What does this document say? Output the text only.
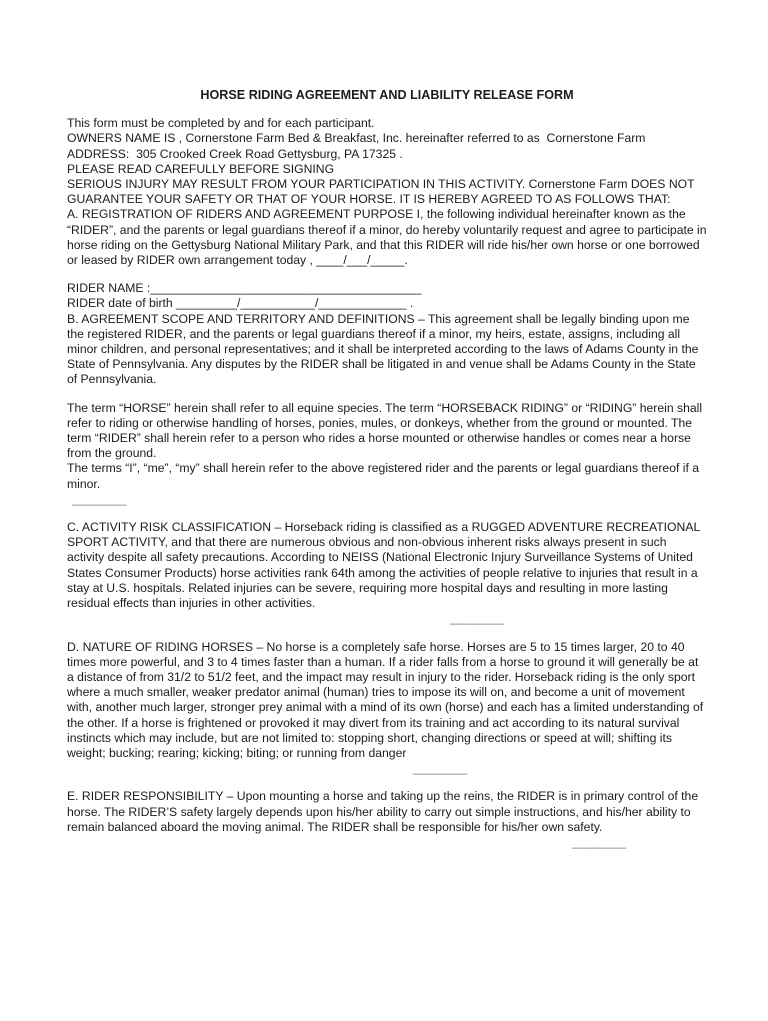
HORSE RIDING AGREEMENT AND LIABILITY RELEASE FORM

This form must be completed by and for each participant.
OWNERS NAME IS , Cornerstone Farm Bed & Breakfast, Inc. hereinafter referred to as  Cornerstone Farm
ADDRESS:  305 Crooked Creek Road Gettysburg, PA 17325 .

PLEASE READ CAREFULLY BEFORE SIGNING

SERIOUS INJURY MAY RESULT FROM YOUR PARTICIPATION IN THIS ACTIVITY. Cornerstone Farm DOES NOT GUARANTEE YOUR SAFETY OR THAT OF YOUR HORSE. IT IS HEREBY AGREED TO AS FOLLOWS THAT:

A. REGISTRATION OF RIDERS AND AGREEMENT PURPOSE I, the following individual hereinafter known as the “RIDER”, and the parents or legal guardians thereof if a minor, do hereby voluntarily request and agree to participate in horse riding on the Gettysburg National Military Park, and that this RIDER will ride his/her own horse or one borrowed or leased by RIDER own arrangement today , ____/___/_____.

RIDER NAME :________________________________________
RIDER date of birth _________/___________/_____________ .

B. AGREEMENT SCOPE AND TERRITORY AND DEFINITIONS – This agreement shall be legally binding upon me the registered RIDER, and the parents or legal guardians thereof if a minor, my heirs, estate, assigns, including all minor children, and personal representatives; and it shall be interpreted according to the laws of Adams County in the State of Pennsylvania. Any disputes by the RIDER shall be litigated in and venue shall be Adams County in the State of Pennsylvania.

The term “HORSE” herein shall refer to all equine species. The term “HORSEBACK RIDING” or “RIDING” herein shall refer to riding or otherwise handling of horses, ponies, mules, or donkeys, whether from the ground or mounted. The term “RIDER” shall herein refer to a person who rides a horse mounted or otherwise handles or comes near a horse from the ground.

The terms “I”, “me”, “my” shall herein refer to the above registered rider and the parents or legal guardians thereof if a minor.

________

C. ACTIVITY RISK CLASSIFICATION – Horseback riding is classified as a RUGGED ADVENTURE RECREATIONAL SPORT ACTIVITY, and that there are numerous obvious and non-obvious inherent risks always present in such activity despite all safety precautions. According to NEISS (National Electronic Injury Surveillance Systems of United States Consumer Products) horse activities rank 64th among the activities of people relative to injuries that result in a stay at U.S. hospitals. Related injuries can be severe, requiring more hospital days and resulting in more lasting residual effects than injuries in other activities.

________

D. NATURE OF RIDING HORSES – No horse is a completely safe horse. Horses are 5 to 15 times larger, 20 to 40 times more powerful, and 3 to 4 times faster than a human. If a rider falls from a horse to ground it will generally be at a distance of from 31/2 to 51/2 feet, and the impact may result in injury to the rider. Horseback riding is the only sport where a much smaller, weaker predator animal (human) tries to impose its will on, and become a unit of movement with, another much larger, stronger prey animal with a mind of its own (horse) and each has a limited understanding of the other. If a horse is frightened or provoked it may divert from its training and act according to its natural survival instincts which may include, but are not limited to: stopping short, changing directions or speed at will; shifting its weight; bucking; rearing; kicking; biting; or running from danger

________

E. RIDER RESPONSIBILITY – Upon mounting a horse and taking up the reins, the RIDER is in primary control of the horse. The RIDER’S safety largely depends upon his/her ability to carry out simple instructions, and his/her ability to remain balanced aboard the moving animal. The RIDER shall be responsible for his/her own safety.

________
